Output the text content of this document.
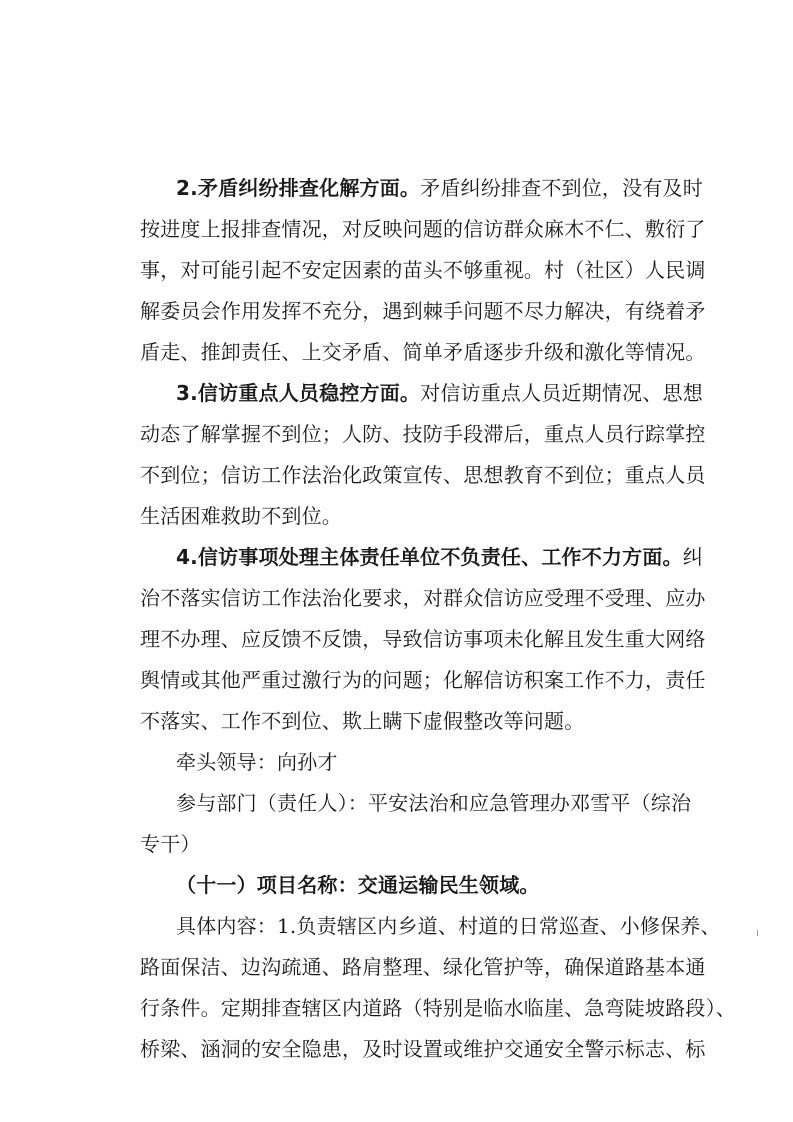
2.矛盾纠纷排查化解方面。矛盾纠纷排查不到位，没有及时
按进度上报排查情况，对反映问题的信访群众麻木不仁、敷衍了
事，对可能引起不安定因素的苗头不够重视。村（社区）人民调
解委员会作用发挥不充分，遇到棘手问题不尽力解决，有绕着矛
盾走、推卸责任、上交矛盾、简单矛盾逐步升级和激化等情况。
3.信访重点人员稳控方面。对信访重点人员近期情况、思想
动态了解掌握不到位；人防、技防手段滞后，重点人员行踪掌控
不到位；信访工作法治化政策宣传、思想教育不到位；重点人员
生活困难救助不到位。
4.信访事项处理主体责任单位不负责任、工作不力方面。纠
治不落实信访工作法治化要求，对群众信访应受理不受理、应办
理不办理、应反馈不反馈，导致信访事项未化解且发生重大网络
舆情或其他严重过激行为的问题；化解信访积案工作不力，责任
不落实、工作不到位、欺上瞒下虚假整改等问题。
牵头领导：向孙才
参与部门（责任人）：平安法治和应急管理办邓雪平（综治
专干）
（十一）项目名称：交通运输民生领域。
具体内容：1.负责辖区内乡道、村道的日常巡查、小修保养、
路面保洁、边沟疏通、路肩整理、绿化管护等，确保道路基本通
行条件。定期排查辖区内道路（特别是临水临崖、急弯陡坡路段）、
桥梁、涵洞的安全隐患，及时设置或维护交通安全警示标志、标
